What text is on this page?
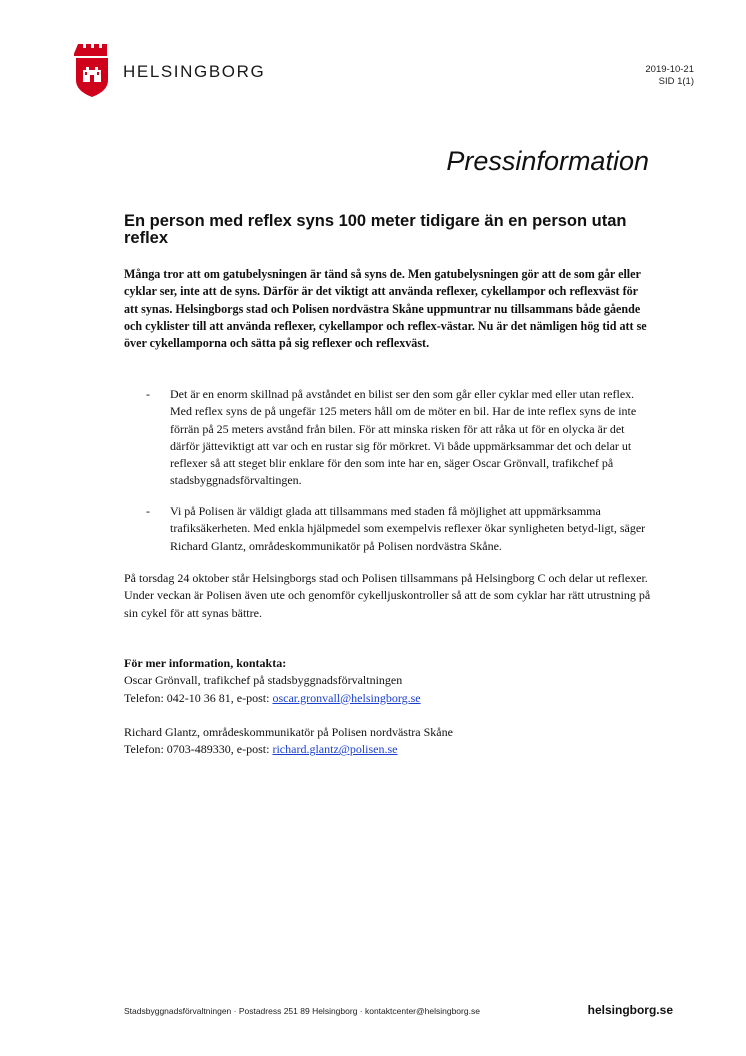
HELSINGBORG	2019-10-21
SID 1(1)
Pressinformation
En person med reflex syns 100 meter tidigare än en person utan reflex
Många tror att om gatubelysningen är tänd så syns de. Men gatubelysningen gör att de som går eller cyklar ser, inte att de syns. Därför är det viktigt att använda reflexer, cykellampor och reflexväst för att synas. Helsingborgs stad och Polisen nordvästra Skåne uppmuntrar nu tillsammans både gående och cyklister till att använda reflexer, cykellampor och reflex-västar. Nu är det nämligen hög tid att se över cykellamporna och sätta på sig reflexer och reflexväst.
-	Det är en enorm skillnad på avståndet en bilist ser den som går eller cyklar med eller utan reflex. Med reflex syns de på ungefär 125 meters håll om de möter en bil. Har de inte reflex syns de inte förrän på 25 meters avstånd från bilen. För att minska risken för att råka ut för en olycka är det därför jätteviktigt att var och en rustar sig för mörkret. Vi både uppmärksammar det och delar ut reflexer så att steget blir enklare för den som inte har en, säger Oscar Grönvall, trafikchef på stadsbyggnadsförvaltingen.
-	Vi på Polisen är väldigt glada att tillsammans med staden få möjlighet att uppmärksamma trafiksäkerheten. Med enkla hjälpmedel som exempelvis reflexer ökar synligheten betyd-ligt, säger Richard Glantz, områdeskommunikatör på Polisen nordvästra Skåne.
På torsdag 24 oktober står Helsingborgs stad och Polisen tillsammans på Helsingborg C och delar ut reflexer. Under veckan är Polisen även ute och genomför cykelljuskontroller så att de som cyklar har rätt utrustning på sin cykel för att synas bättre.
För mer information, kontakta:
Oscar Grönvall, trafikchef på stadsbyggnadsförvaltningen
Telefon: 042-10 36 81, e-post: oscar.gronvall@helsingborg.se
Richard Glantz, områdeskommunikatör på Polisen nordvästra Skåne
Telefon: 0703-489330, e-post: richard.glantz@polisen.se
Stadsbyggnadsförvaltningen · Postadress 251 89 Helsingborg · kontaktcenter@helsingborg.se	helsingborg.se
